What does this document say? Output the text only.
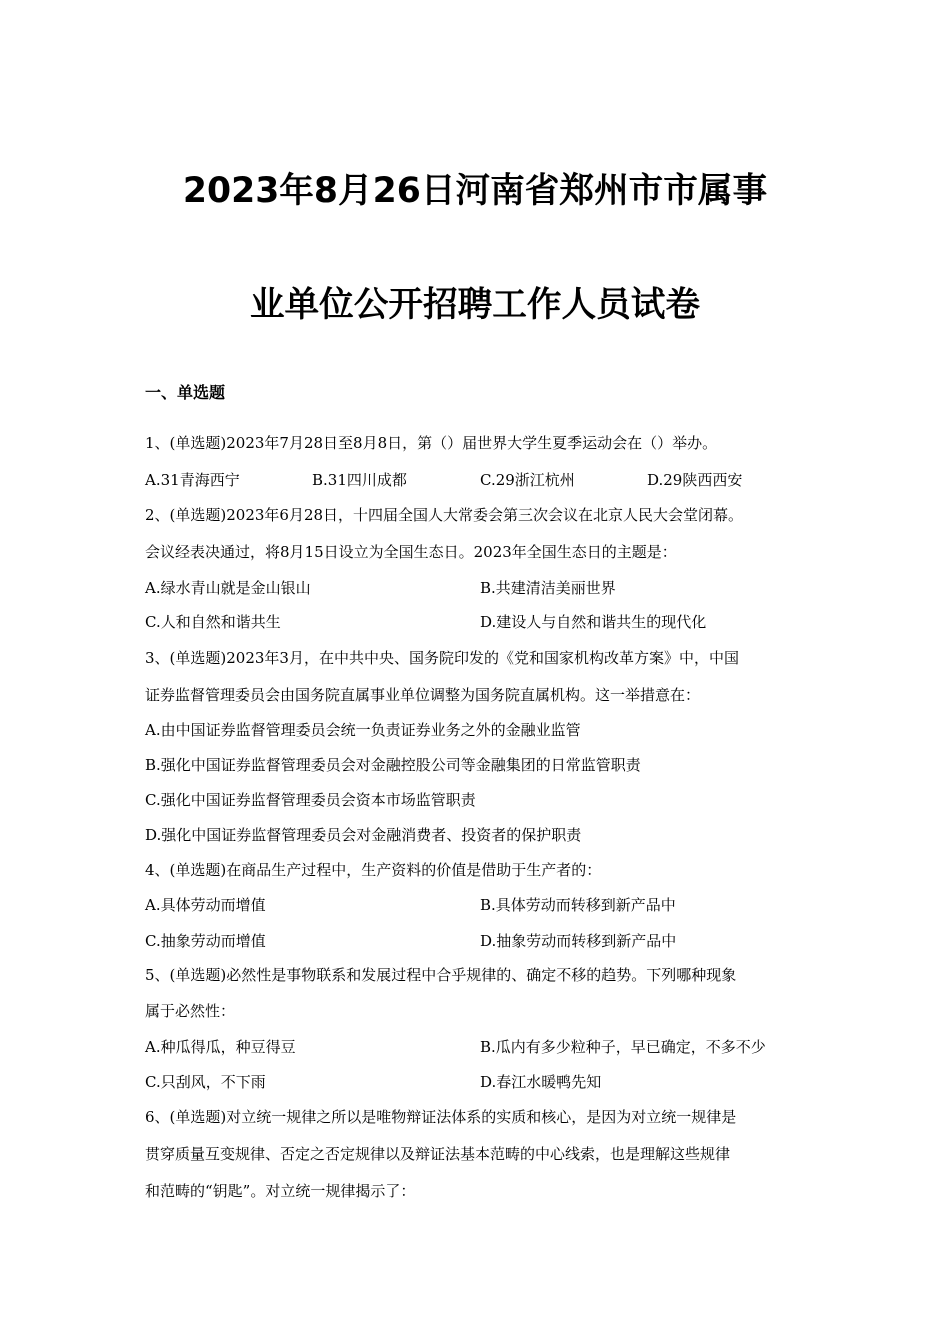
2023年8月26日河南省郑州市市属事
业单位公开招聘工作人员试卷
一、单选题
1、(单选题)2023年7月28日至8月8日，第（）届世界大学生夏季运动会在（）举办。
A.31青海西宁	B.31四川成都	C.29浙江杭州	D.29陕西西安
2、(单选题)2023年6月28日，十四届全国人大常委会第三次会议在北京人民大会堂闭幕。
会议经表决通过，将8月15日设立为全国生态日。2023年全国生态日的主题是：
A.绿水青山就是金山银山	B.共建清洁美丽世界
C.人和自然和谐共生	D.建设人与自然和谐共生的现代化
3、(单选题)2023年3月，在中共中央、国务院印发的《党和国家机构改革方案》中，中国
证券监督管理委员会由国务院直属事业单位调整为国务院直属机构。这一举措意在：
A.由中国证券监督管理委员会统一负责证券业务之外的金融业监管
B.强化中国证券监督管理委员会对金融控股公司等金融集团的日常监管职责
C.强化中国证券监督管理委员会资本市场监管职责
D.强化中国证券监督管理委员会对金融消费者、投资者的保护职责
4、(单选题)在商品生产过程中，生产资料的价值是借助于生产者的：
A.具体劳动而增值	B.具体劳动而转移到新产品中
C.抽象劳动而增值	D.抽象劳动而转移到新产品中
5、(单选题)必然性是事物联系和发展过程中合乎规律的、确定不移的趋势。下列哪种现象
属于必然性：
A.种瓜得瓜，种豆得豆	B.瓜内有多少粒种子，早已确定，不多不少
C.只刮风，不下雨	D.春江水暖鸭先知
6、(单选题)对立统一规律之所以是唯物辩证法体系的实质和核心，是因为对立统一规律是
贯穿质量互变规律、否定之否定规律以及辩证法基本范畴的中心线索，也是理解这些规律
和范畴的“钥匙”。对立统一规律揭示了：
